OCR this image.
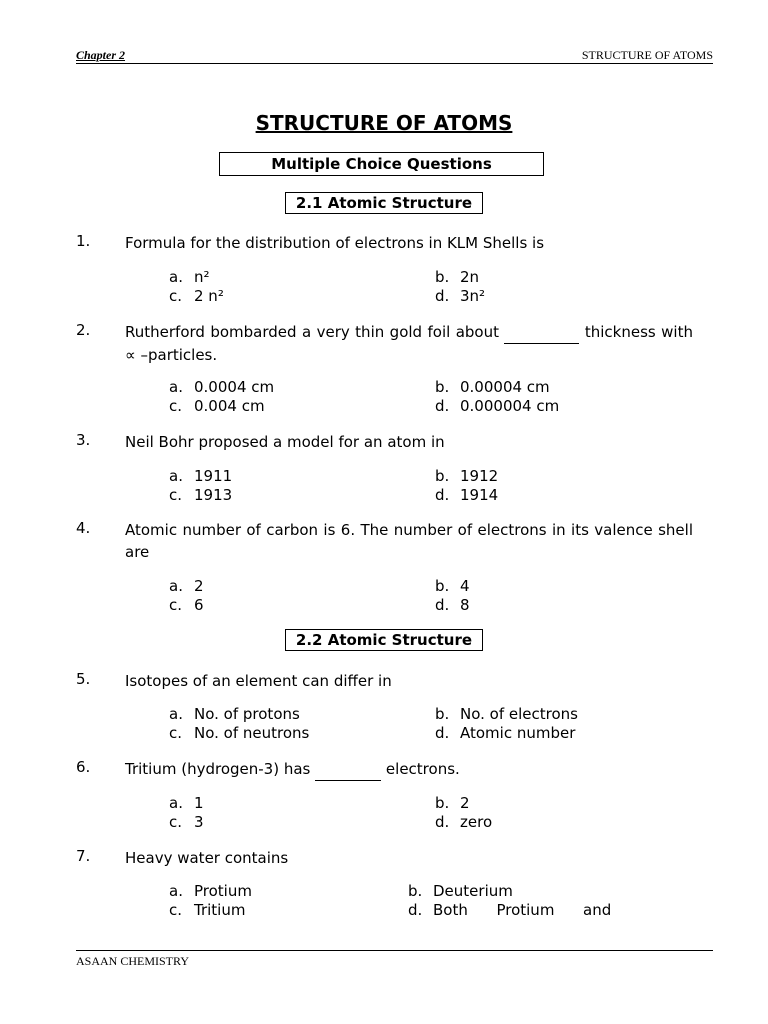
Chapter 2	STRUCTURE OF ATOMS
STRUCTURE OF ATOMS
Multiple Choice Questions
2.1 Atomic Structure
1. Formula for the distribution of electrons in KLM Shells is
a. n²	b. 2n
c. 2 n²	d. 3n²
2. Rutherford bombarded a very thin gold foil about	thickness with ∝ –particles.
a. 0.0004 cm	b. 0.00004 cm
c. 0.004 cm	d. 0.000004 cm
3. Neil Bohr proposed a model for an atom in
a. 1911	b. 1912
c. 1913	d. 1914
4. Atomic number of carbon is 6. The number of electrons in its valence shell are
a. 2	b. 4
c. 6	d. 8
2.2 Atomic Structure
5. Isotopes of an element can differ in
a. No. of protons	b. No. of electrons
c. No. of neutrons	d. Atomic number
6. Tritium (hydrogen-3) has	electrons.
a. 1	b. 2
c. 3	d. zero
7. Heavy water contains
a. Protium	b. Deuterium
c. Tritium	d. Both      Protium      and
ASAAN CHEMISTRY
